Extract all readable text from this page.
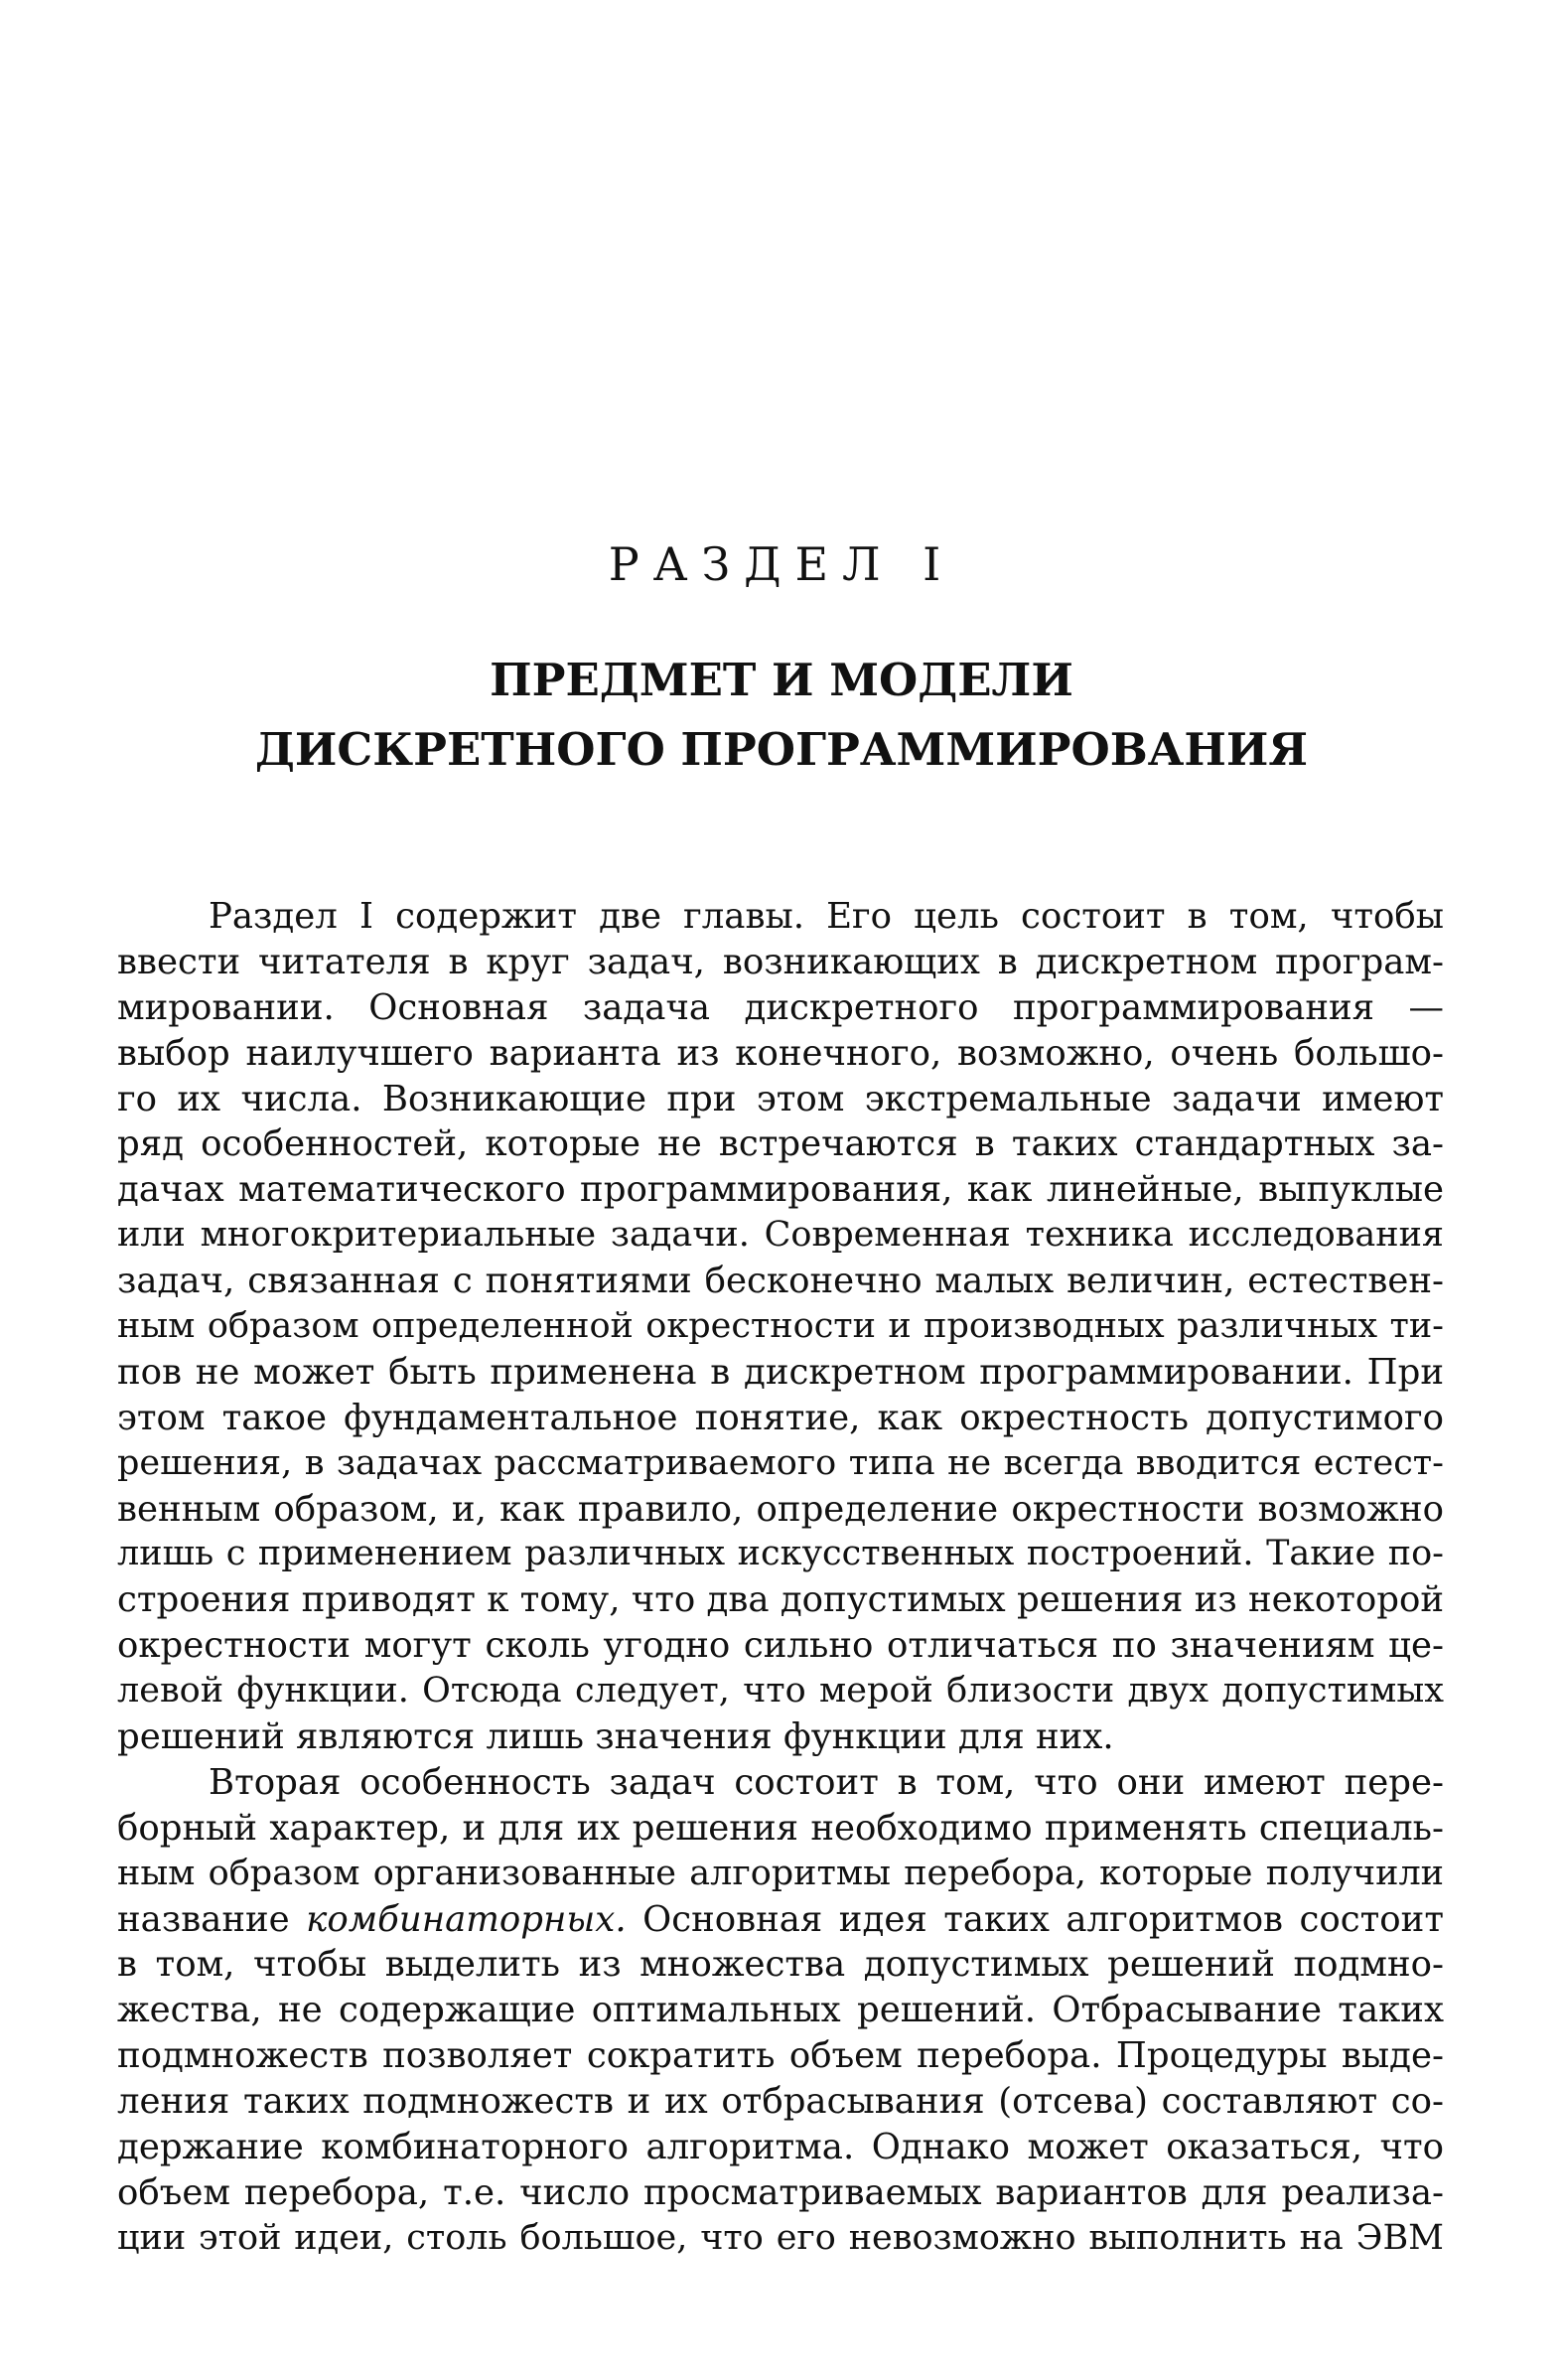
РАЗДЕЛ I
ПРЕДМЕТ И МОДЕЛИ
ДИСКРЕТНОГО ПРОГРАММИРОВАНИЯ
Раздел I содержит две главы. Его цель состоит в том, чтобы
ввести читателя в круг задач, возникающих в дискретном програм-
мировании. Основная задача дискретного программирования —
выбор наилучшего варианта из конечного, возможно, очень большо-
го их числа. Возникающие при этом экстремальные задачи имеют
ряд особенностей, которые не встречаются в таких стандартных за-
дачах математического программирования, как линейные, выпуклые
или многокритериальные задачи. Современная техника исследования
задач, связанная с понятиями бесконечно малых величин, естествен-
ным образом определенной окрестности и производных различных ти-
пов не может быть применена в дискретном программировании. При
этом такое фундаментальное понятие, как окрестность допустимого
решения, в задачах рассматриваемого типа не всегда вводится естест-
венным образом, и, как правило, определение окрестности возможно
лишь с применением различных искусственных построений. Такие по-
строения приводят к тому, что два допустимых решения из некоторой
окрестности могут сколь угодно сильно отличаться по значениям це-
левой функции. Отсюда следует, что мерой близости двух допустимых
решений являются лишь значения функции для них.
Вторая особенность задач состоит в том, что они имеют пере-
борный характер, и для их решения необходимо применять специаль-
ным образом организованные алгоритмы перебора, которые получили
название комбинаторных. Основная идея таких алгоритмов состоит
в том, чтобы выделить из множества допустимых решений подмно-
жества, не содержащие оптимальных решений. Отбрасывание таких
подмножеств позволяет сократить объем перебора. Процедуры выде-
ления таких подмножеств и их отбрасывания (отсева) составляют со-
держание комбинаторного алгоритма. Однако может оказаться, что
объем перебора, т.е. число просматриваемых вариантов для реализа-
ции этой идеи, столь большое, что его невозможно выполнить на ЭВМ
